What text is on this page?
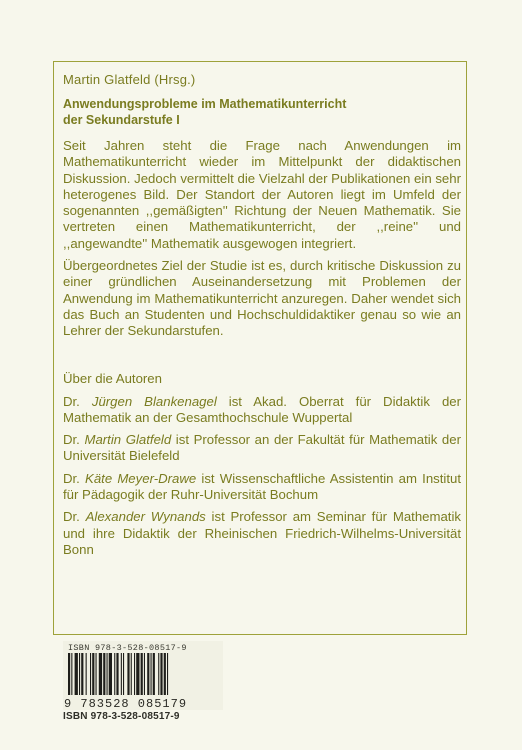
Martin Glatfeld (Hrsg.)
Anwendungsprobleme im Mathematikunterricht
der Sekundarstufe I

Seit Jahren steht die Frage nach Anwendungen im Mathematikunterricht wieder im Mittelpunkt der didaktischen Diskussion. Jedoch vermittelt die Vielzahl der Publikationen ein sehr heterogenes Bild. Der Standort der Autoren liegt im Umfeld der sogenannten ,,gemäßigten'' Richtung der Neuen Mathematik. Sie vertreten einen Mathematikunterricht, der ,,reine'' und ,,angewandte'' Mathematik ausgewogen integriert.

Übergeordnetes Ziel der Studie ist es, durch kritische Diskussion zu einer gründlichen Auseinandersetzung mit Problemen der Anwendung im Mathematikunterricht anzuregen. Daher wendet sich das Buch an Studenten und Hochschuldidaktiker genau so wie an Lehrer der Sekundarstufen.

Über die Autoren

Dr. Jürgen Blankenagel ist Akad. Oberrat für Didaktik der Mathematik an der Gesamthochschule Wuppertal

Dr. Martin Glatfeld ist Professor an der Fakultät für Mathematik der Universität Bielefeld

Dr. Käte Meyer-Drawe ist Wissenschaftliche Assistentin am Institut für Pädagogik der Ruhr-Universität Bochum

Dr. Alexander Wynands ist Professor am Seminar für Mathematik und ihre Didaktik der Rheinischen Friedrich-Wilhelms-Universität Bonn

ISBN 978-3-528-08517-9
9 783528 085179
ISBN 978-3-528-08517-9
